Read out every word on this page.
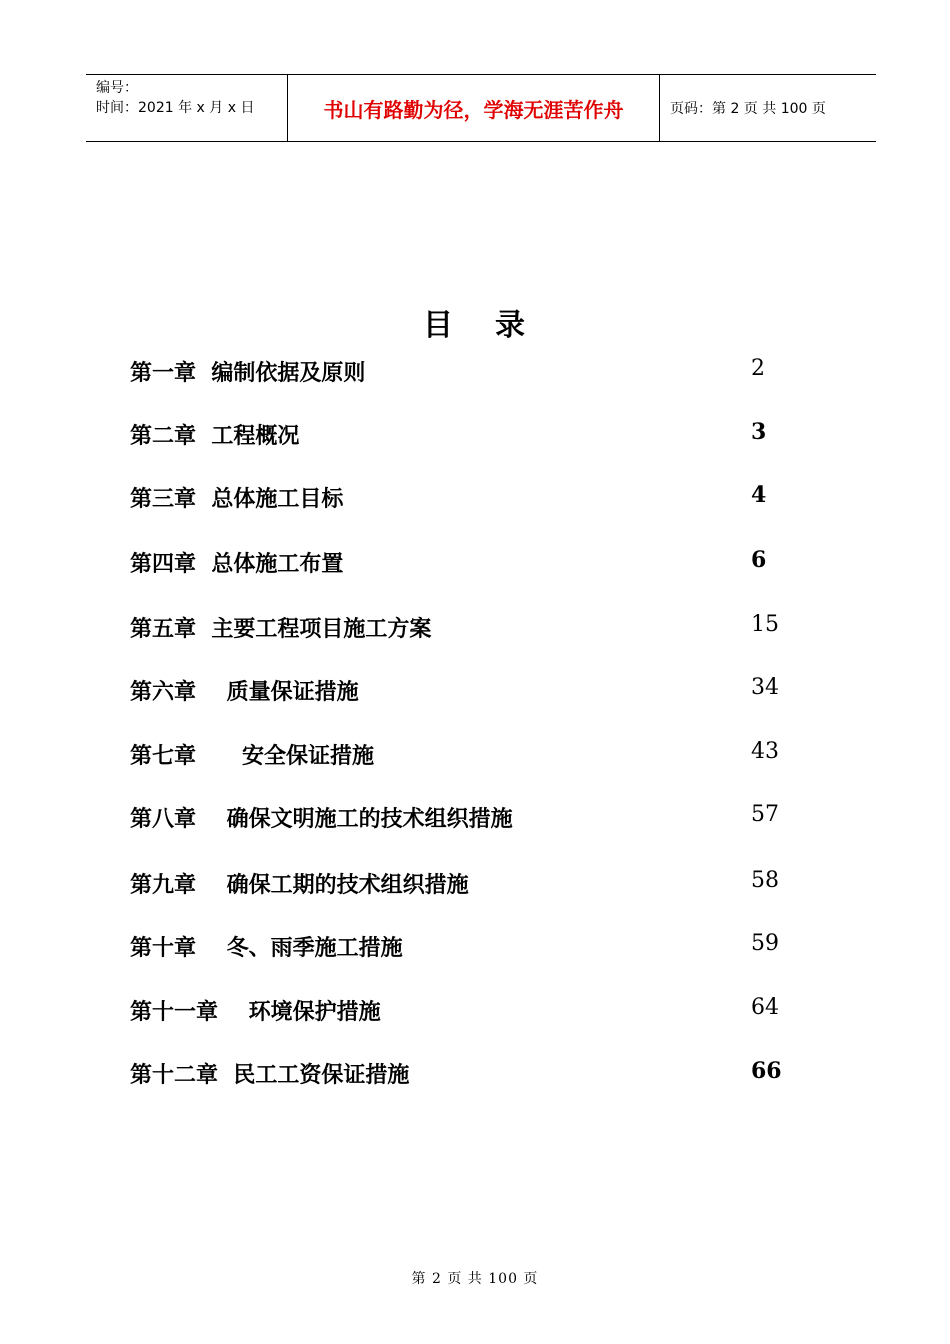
编号：
时间：2021 年 x 月 x 日	书山有路勤为径，学海无涯苦作舟	页码：第 2 页 共 100 页
目 录
第一章  编制依据及原则	2
第二章  工程概况	3
第三章  总体施工目标	4
第四章  总体施工布置	6
第五章  主要工程项目施工方案	15
第六章    质量保证措施	34
第七章      安全保证措施	43
第八章    确保文明施工的技术组织措施	57
第九章    确保工期的技术组织措施	58
第十章    冬、雨季施工措施	59
第十一章    环境保护措施	64
第十二章  民工工资保证措施	66
第 2 页 共 100 页
